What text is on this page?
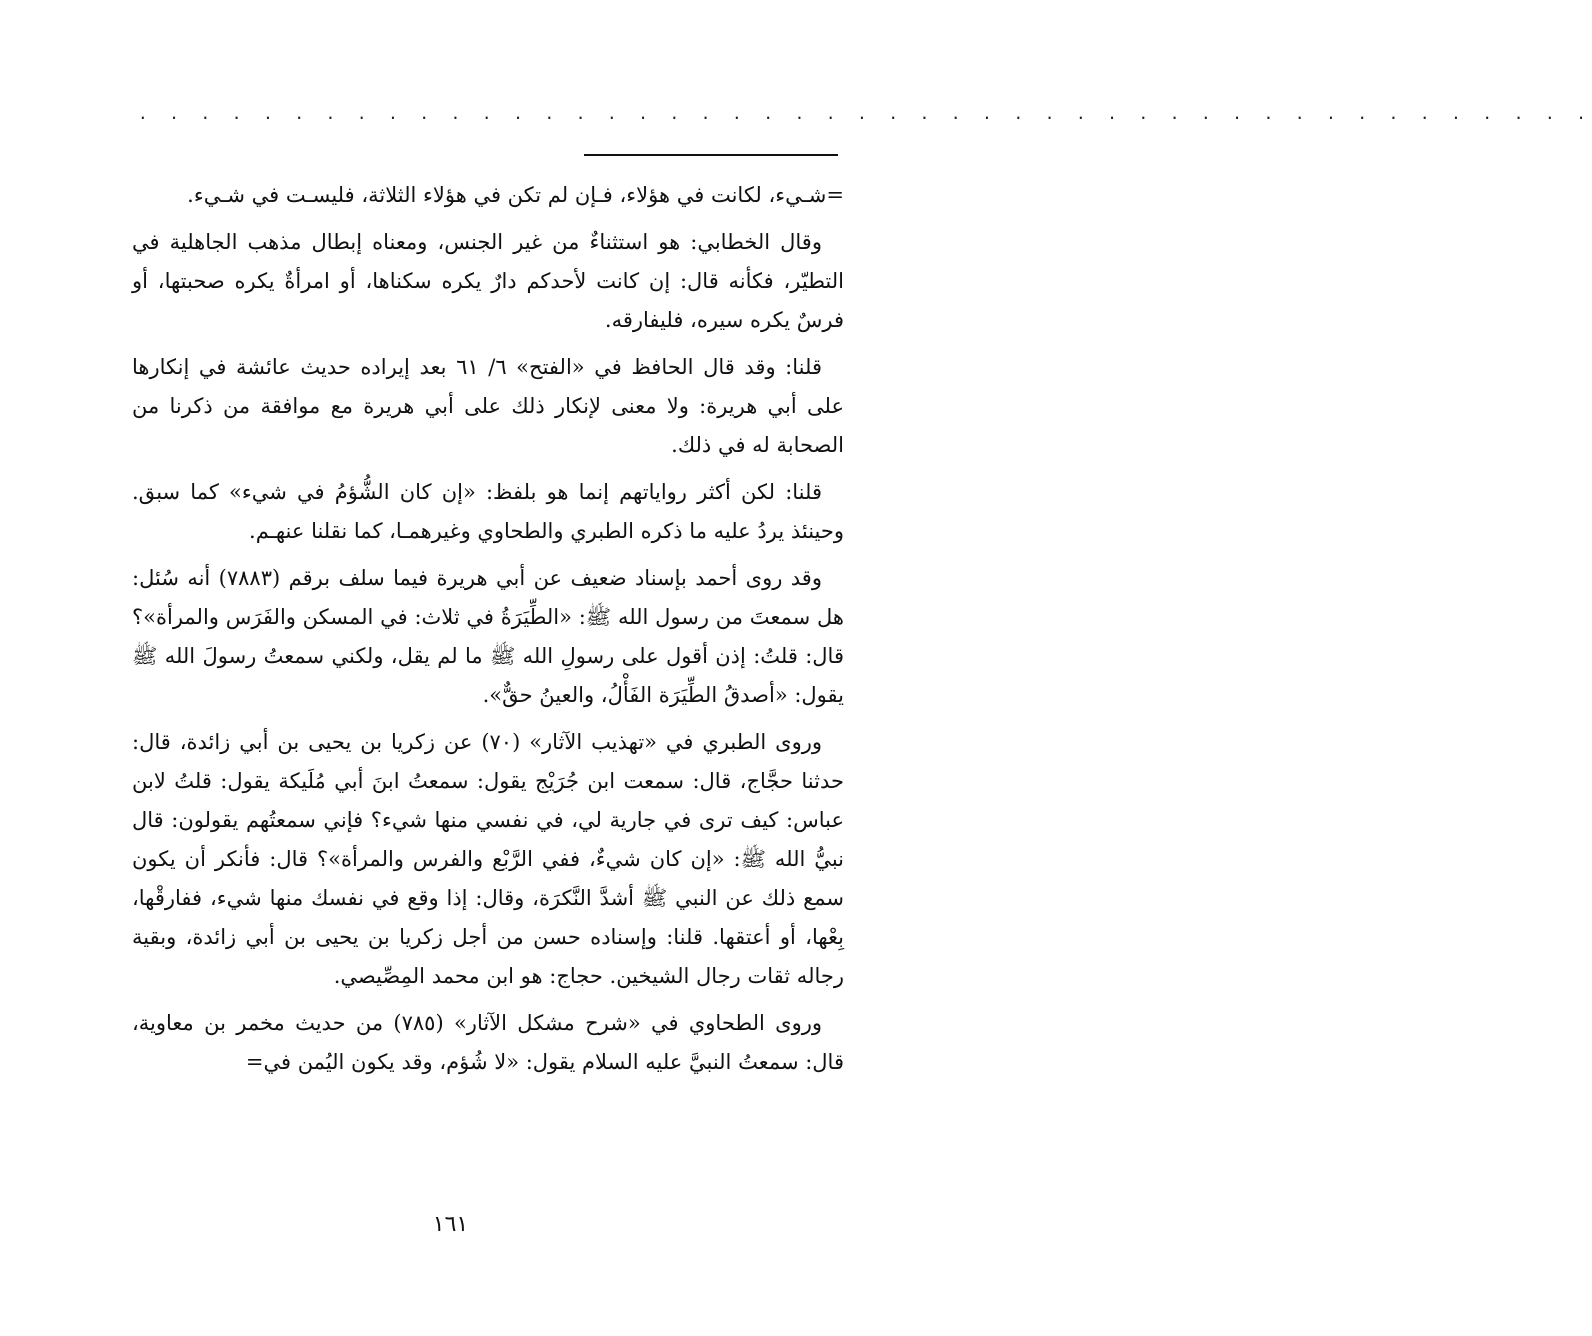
. . . . . . . . . . . . . . . . . . . . . . . . . . . . . . . . . . . . . . . . . . . . . . .

=شـيء، لكانت في هؤلاء، فـإن لم تكن في هؤلاء الثلاثة، فليسـت في شـيء.

وقال الخطابي: هو استثناءٌ من غير الجنس، ومعناه إبطال مذهب الجاهلية في التطيّر، فكأنه قال: إن كانت لأحدكم دارٌ يكره سكناها، أو امرأةٌ يكره صحبتها، أو فرسٌ يكره سيره، فليفارقه.

قلنا: وقد قال الحافظ في «الفتح» ٦/ ٦١ بعد إيراده حديث عائشة في إنكارها على أبي هريرة: ولا معنى لإنكار ذلك على أبي هريرة مع موافقة من ذكرنا من الصحابة له في ذلك.

قلنا: لكن أكثر رواياتهم إنما هو بلفظ: «إن كان الشُّؤمُ في شيء» كما سبق. وحينئذ يردُ عليه ما ذكره الطبري والطحاوي وغيرهمـا، كما نقلنا عنهـم.

وقد روى أحمد بإسناد ضعيف عن أبي هريرة فيما سلف برقم (٧٨٨٣) أنه سُئل: هل سمعتَ من رسول الله ﷺ: «الطِّيَرَةُ في ثلاث: في المسكن والفَرَس والمرأة»؟ قال: قلتُ: إذن أقول على رسولِ الله ﷺ ما لم يقل، ولكني سمعتُ رسولَ الله ﷺ يقول: «أصدقُ الطِّيَرَة الفَأْلُ، والعينُ حقٌّ».

وروى الطبري في «تهذيب الآثار» (٧٠) عن زكريا بن يحيى بن أبي زائدة، قال: حدثنا حجَّاج، قال: سمعت ابن جُرَيْج يقول: سمعتُ ابنَ أبي مُلَيكة يقول: قلتُ لابن عباس: كيف ترى في جارية لي، في نفسي منها شيء؟ فإني سمعتُهم يقولون: قال نبيُّ الله ﷺ: «إن كان شيءٌ، ففي الرَّبْع والفرس والمرأة»؟ قال: فأنكر أن يكون سمع ذلك عن النبي ﷺ أشدَّ النَّكرَة، وقال: إذا وقع في نفسك منها شيء، ففارقْها، بِعْها، أو أعتقها. قلنا: وإسناده حسن من أجل زكريا بن يحيى بن أبي زائدة، وبقية رجاله ثقات رجال الشيخين. حجاج: هو ابن محمد المِصِّيصي.

وروى الطحاوي في «شرح مشكل الآثار» (٧٨٥) من حديث مخمر بن معاوية، قال: سمعتُ النبيَّ عليه السلام يقول: «لا شُؤم، وقد يكون اليُمن في=

١٦١
